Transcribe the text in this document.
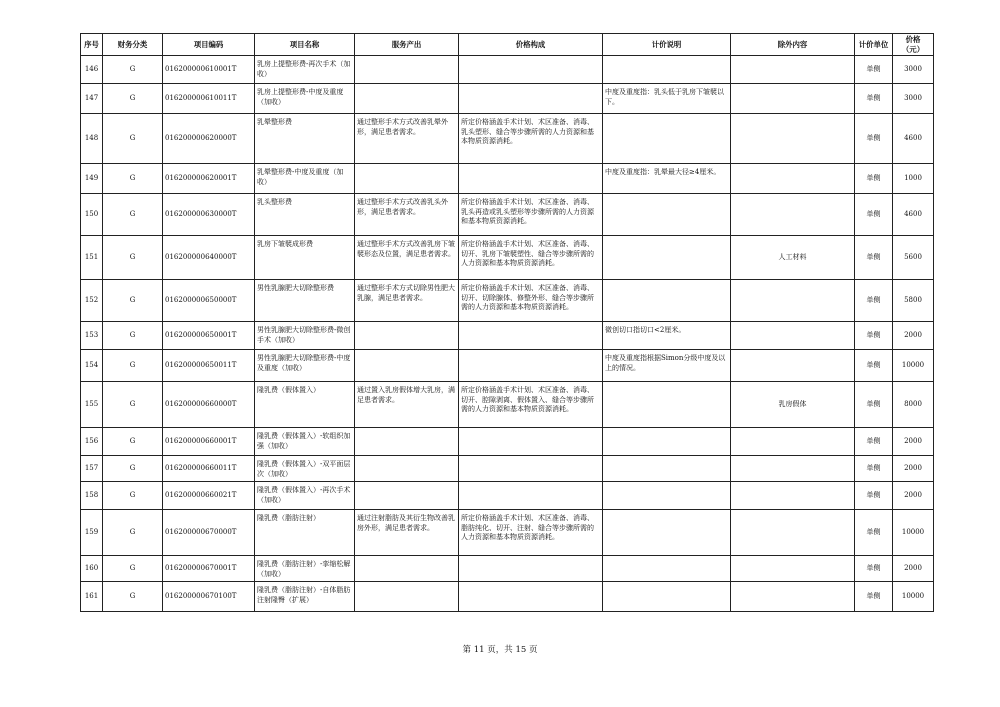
序号	财务分类	项目编码	项目名称	服务产出	价格构成	计价说明	除外内容	计价单位	价格
（元）
146	G	016200000610001T	乳房上提整形费-再次手术（加收）					单侧	3000
147	G	016200000610011T	乳房上提整形费-中度及重度（加收）			中度及重度指：乳头低于乳房下皱襞以下。		单侧	3000
148	G	016200000620000T	乳晕整形费	通过整形手术方式改善乳晕外形，满足患者需求。	所定价格涵盖手术计划、术区准备、消毒、乳头塑形、缝合等步骤所需的人力资源和基本物质资源消耗。			单侧	4600
149	G	016200000620001T	乳晕整形费-中度及重度（加收）			中度及重度指：乳晕最大径≥4厘米。		单侧	1000
150	G	016200000630000T	乳头整形费	通过整形手术方式改善乳头外形，满足患者需求。	所定价格涵盖手术计划、术区准备、消毒、乳头再造或乳头塑形等步骤所需的人力资源和基本物质资源消耗。			单侧	4600
151	G	016200000640000T	乳房下皱襞成形费	通过整形手术方式改善乳房下皱襞形态及位置，满足患者需求。	所定价格涵盖手术计划、术区准备、消毒、切开、乳房下皱襞塑性、缝合等步骤所需的人力资源和基本物质资源消耗。		人工材料	单侧	5600
152	G	016200000650000T	男性乳腺肥大切除整形费	通过整形手术方式切除男性肥大乳腺，满足患者需求。	所定价格涵盖手术计划、术区准备、消毒、切开、切除腺体、修整外形、缝合等步骤所需的人力资源和基本物质资源消耗。			单侧	5800
153	G	016200000650001T	男性乳腺肥大切除整形费-微创手术（加收）			微创切口指切口<2厘米。		单侧	2000
154	G	016200000650011T	男性乳腺肥大切除整形费-中度及重度（加收）			中度及重度指根据Simon分级中度及以上的情况。		单侧	10000
155	G	016200000660000T	隆乳费（假体置入）	通过置入乳房假体增大乳房，满足患者需求。	所定价格涵盖手术计划、术区准备、消毒、切开、腔隙剥离、假体置入、缝合等步骤所需的人力资源和基本物质资源消耗。		乳房假体	单侧	8000
156	G	016200000660001T	隆乳费（假体置入）-软组织加强（加收）					单侧	2000
157	G	016200000660011T	隆乳费（假体置入）-双平面层次（加收）					单侧	2000
158	G	016200000660021T	隆乳费（假体置入）-再次手术（加收）					单侧	2000
159	G	016200000670000T	隆乳费（脂肪注射）	通过注射脂肪及其衍生物改善乳房外形，满足患者需求。	所定价格涵盖手术计划、术区准备、消毒、脂肪纯化、切开、注射、缝合等步骤所需的人力资源和基本物质资源消耗。			单侧	10000
160	G	016200000670001T	隆乳费（脂肪注射）-挛缩松解（加收）					单侧	2000
161	G	016200000670100T	隆乳费（脂肪注射）-自体脂肪注射隆臀（扩展）					单侧	10000
第 11 页，共 15 页
